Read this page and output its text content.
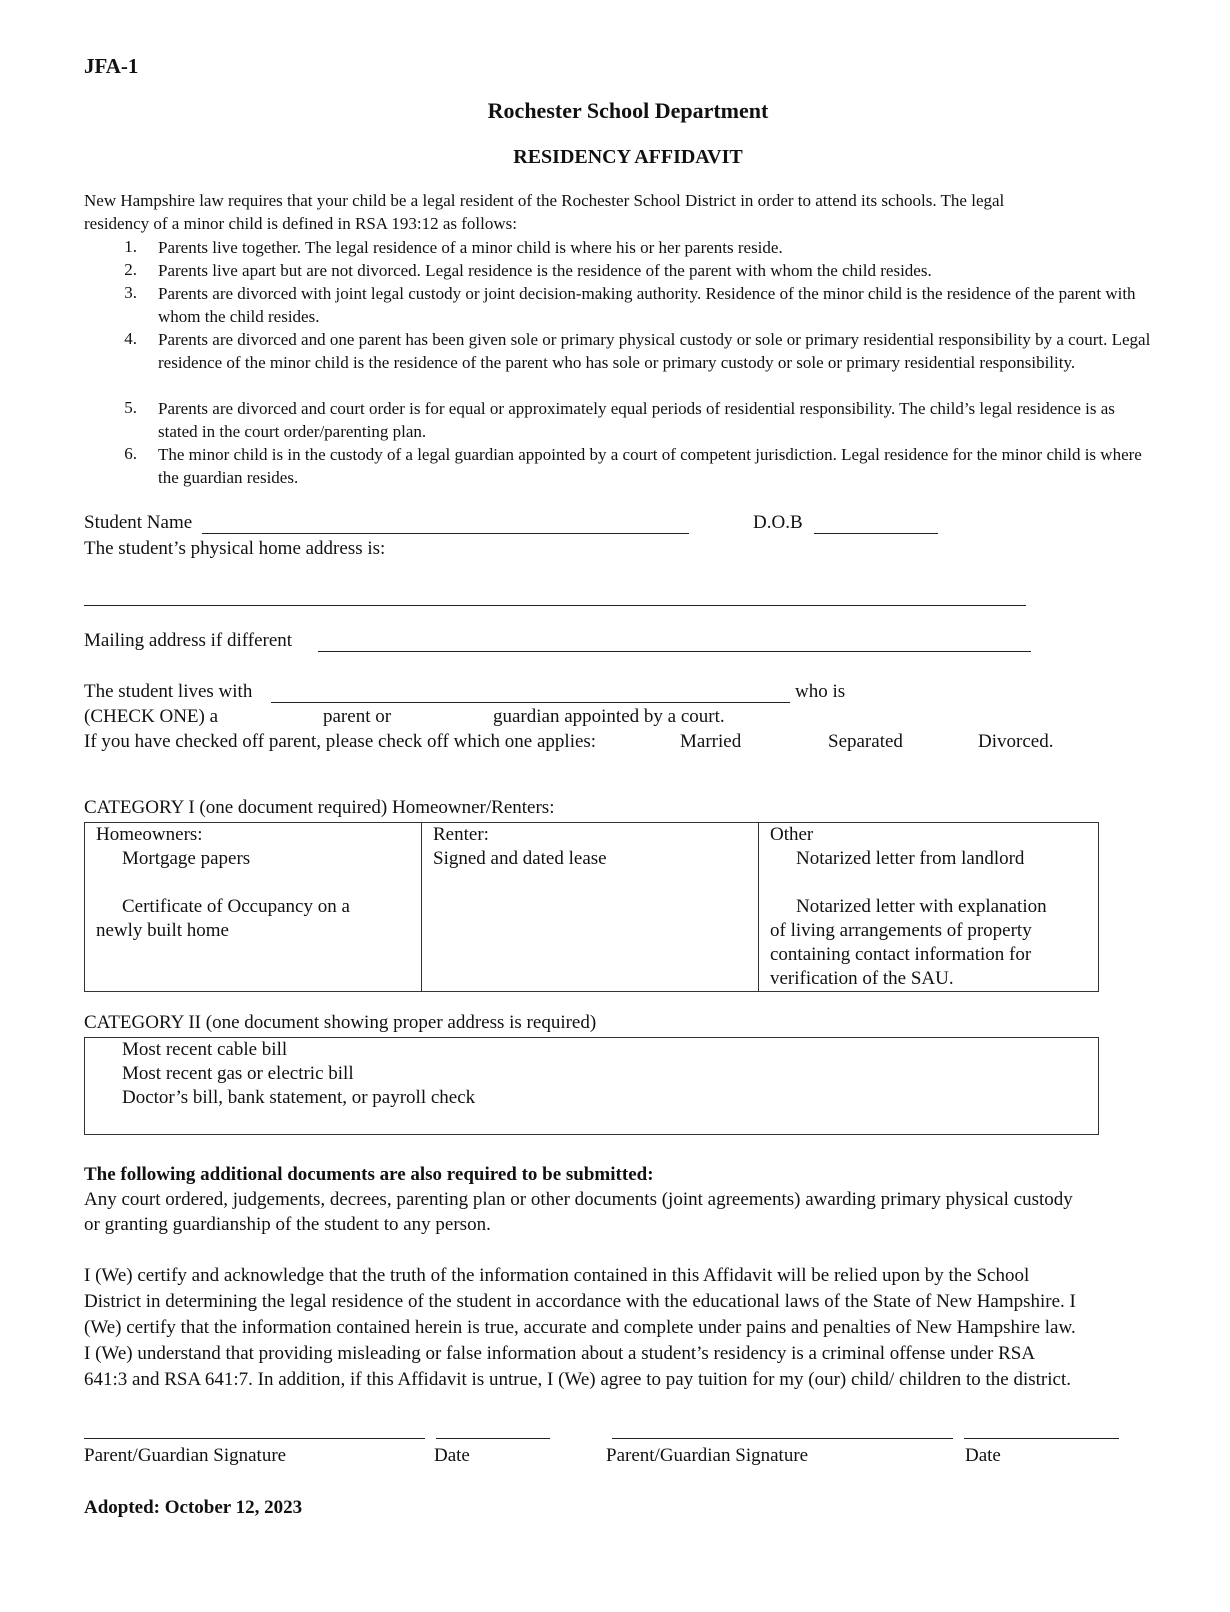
JFA-1
Rochester School Department
RESIDENCY AFFIDAVIT
New Hampshire law requires that your child be a legal resident of the Rochester School District in order to attend its schools. The legal
residency of a minor child is defined in RSA 193:12 as follows:
1. Parents live together. The legal residence of a minor child is where his or her parents reside.
2. Parents live apart but are not divorced. Legal residence is the residence of the parent with whom the child resides.
3. Parents are divorced with joint legal custody or joint decision-making authority. Residence of the minor child is the residence of the parent with whom the child resides.
4. Parents are divorced and one parent has been given sole or primary physical custody or sole or primary residential responsibility by a court. Legal residence of the minor child is the residence of the parent who has sole or primary custody or sole or primary residential responsibility.
5. Parents are divorced and court order is for equal or approximately equal periods of residential responsibility. The child’s legal residence is as stated in the court order/parenting plan.
6. The minor child is in the custody of a legal guardian appointed by a court of competent jurisdiction. Legal residence for the minor child is where the guardian resides.
Student Name	D.O.B
The student’s physical home address is:
Mailing address if different
The student lives with	who is
(CHECK ONE) a	parent or	guardian appointed by a court.
If you have checked off parent, please check off which one applies:	Married	Separated	Divorced.
CATEGORY I (one document required) Homeowner/Renters:
Homeowners:
Mortgage papers
Certificate of Occupancy on a
newly built home
Renter:
Signed and dated lease
Other
Notarized letter from landlord
Notarized letter with explanation
of living arrangements of property
containing contact information for
verification of the SAU.
CATEGORY II (one document showing proper address is required)
Most recent cable bill
Most recent gas or electric bill
Doctor’s bill, bank statement, or payroll check
The following additional documents are also required to be submitted:
Any court ordered, judgements, decrees, parenting plan or other documents (joint agreements) awarding primary physical custody
or granting guardianship of the student to any person.
I (We) certify and acknowledge that the truth of the information contained in this Affidavit will be relied upon by the School
District in determining the legal residence of the student in accordance with the educational laws of the State of New Hampshire. I
(We) certify that the information contained herein is true, accurate and complete under pains and penalties of New Hampshire law.
I (We) understand that providing misleading or false information about a student’s residency is a criminal offense under RSA
641:3 and RSA 641:7. In addition, if this Affidavit is untrue, I (We) agree to pay tuition for my (our) child/ children to the district.
Parent/Guardian Signature	Date	Parent/Guardian Signature	Date
Adopted: October 12, 2023
